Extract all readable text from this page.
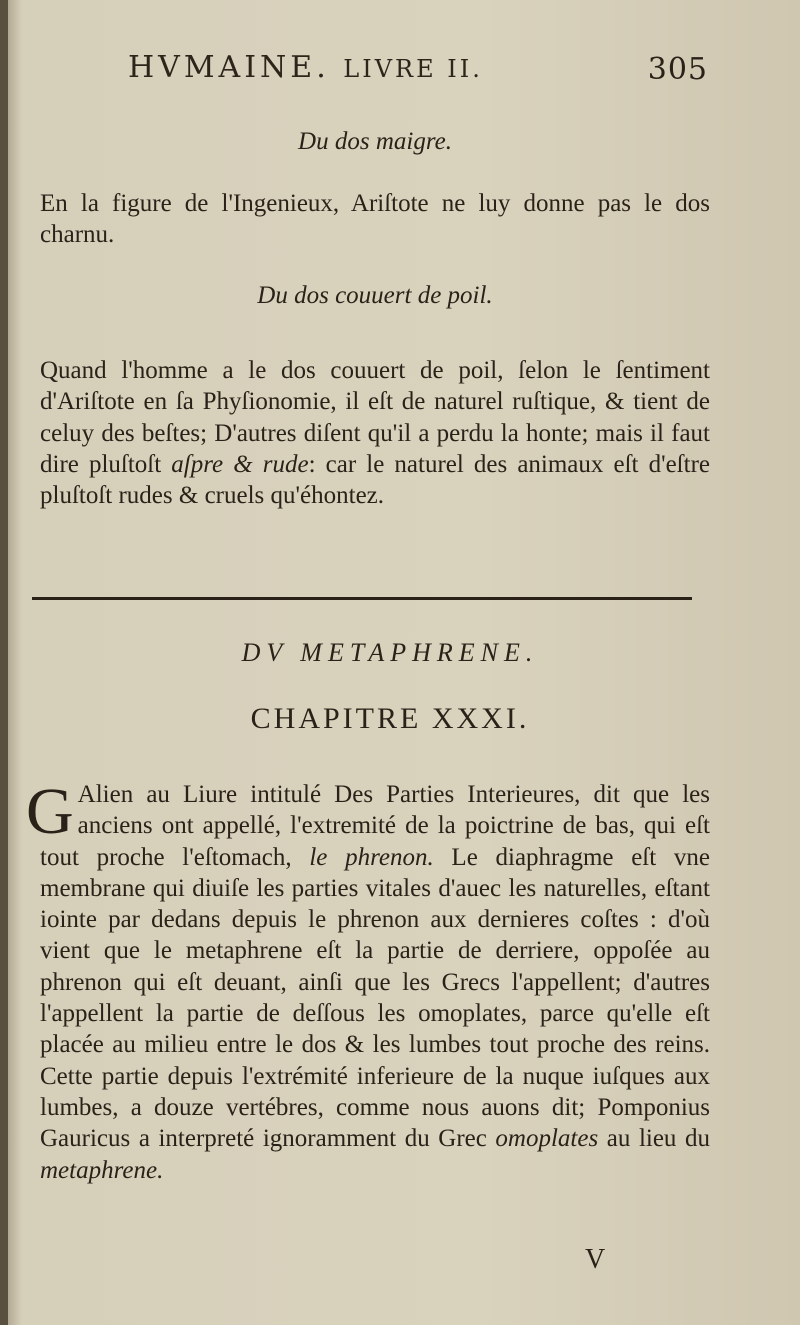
HVMAINE. LIVRE II.	305
Du dos maigre.
En la figure de l'Ingenieux, Ariſtote ne luy donne pas le dos charnu.
Du dos couuert de poil.
Quand l'homme a le dos couuert de poil, ſelon le ſentiment d'Ariſtote en ſa Phyſionomie, il eſt de naturel ruſtique, & tient de celuy des beſtes; D'autres diſent qu'il a perdu la honte; mais il faut dire pluſtoſt aſpre & rude: car le naturel des animaux eſt d'eſtre pluſtoſt rudes & cruels qu'éhontez.
DV METAPHRENE.
CHAPITRE XXXI.
G Alien au Liure intitulé Des Parties Interieures, dit que les anciens ont appellé, l'extremité de la poictrine de bas, qui eſt tout proche l'eſtomach, le phrenon. Le diaphragme eſt vne membrane qui diuiſe les parties vitales d'auec les naturelles, eſtant iointe par dedans depuis le phrenon aux dernieres coſtes : d'où vient que le metaphrene eſt la partie de derriere, oppoſée au phrenon qui eſt deuant, ainſi que les Grecs l'appellent; d'autres l'appellent la partie de deſſous les omoplates, parce qu'elle eſt placée au milieu entre le dos & les lumbes tout proche des reins. Cette partie depuis l'extrémité inferieure de la nuque iuſques aux lumbes, a douze vertébres, comme nous auons dit; Pomponius Gauricus a interpreté ignoramment du Grec omoplates au lieu du metaphrene.
V
